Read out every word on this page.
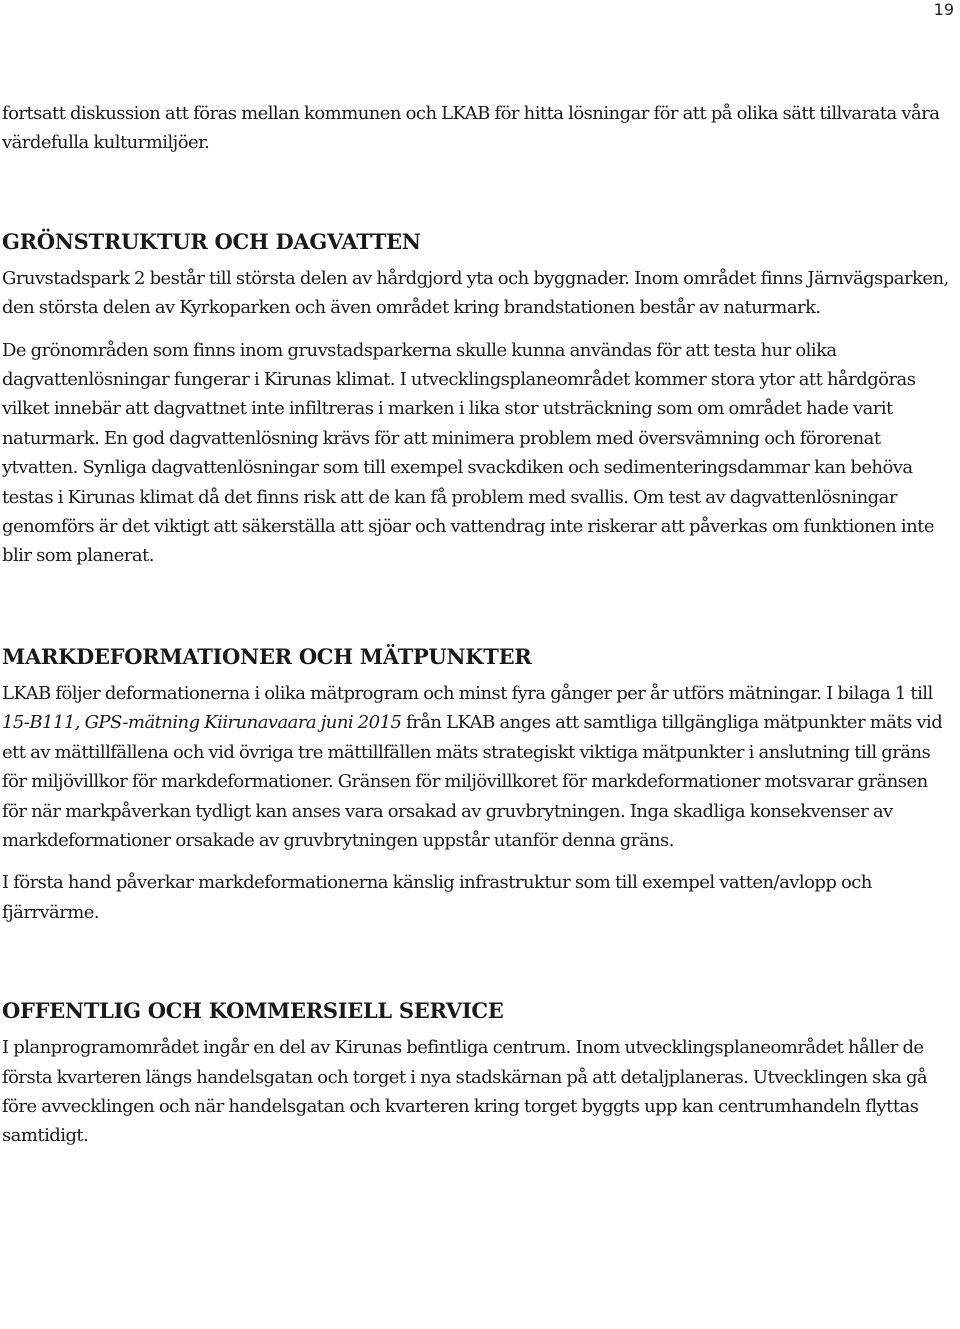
19

fortsatt diskussion att föras mellan kommunen och LKAB för hitta lösningar för att på olika sätt tillvarata våra värdefulla kulturmiljöer.

GRÖNSTRUKTUR OCH DAGVATTEN

Gruvstadspark 2 består till största delen av hårdgjord yta och byggnader. Inom området finns Järnvägsparken, den största delen av Kyrkoparken och även området kring brandstationen består av naturmark.

De grönområden som finns inom gruvstadsparkerna skulle kunna användas för att testa hur olika dagvattenlösningar fungerar i Kirunas klimat. I utvecklingsplaneområdet kommer stora ytor att hårdgöras vilket innebär att dagvattnet inte infiltreras i marken i lika stor utsträckning som om området hade varit naturmark. En god dagvattenlösning krävs för att minimera problem med översvämning och förorenat ytvatten. Synliga dagvattenlösningar som till exempel svackdiken och sedimenteringsdammar kan behöva testas i Kirunas klimat då det finns risk att de kan få problem med svallis. Om test av dagvattenlösningar genomförs är det viktigt att säkerställa att sjöar och vattendrag inte riskerar att påverkas om funktionen inte blir som planerat.

MARKDEFORMATIONER OCH MÄTPUNKTER

LKAB följer deformationerna i olika mätprogram och minst fyra gånger per år utförs mätningar. I bilaga 1 till 15-B111, GPS-mätning Kiirunavaara juni 2015 från LKAB anges att samtliga tillgängliga mätpunkter mäts vid ett av mättillfällena och vid övriga tre mättillfällen mäts strategiskt viktiga mätpunkter i anslutning till gräns för miljövillkor för markdeformationer. Gränsen för miljövillkoret för markdeformationer motsvarar gränsen för när markpåverkan tydligt kan anses vara orsakad av gruvbrytningen. Inga skadliga konsekvenser av markdeformationer orsakade av gruvbrytningen uppstår utanför denna gräns.

I första hand påverkar markdeformationerna känslig infrastruktur som till exempel vatten/avlopp och fjärrvärme.

OFFENTLIG OCH KOMMERSIELL SERVICE

I planprogramområdet ingår en del av Kirunas befintliga centrum. Inom utvecklingsplaneområdet håller de första kvarteren längs handelsgatan och torget i nya stadskärnan på att detaljplaneras. Utvecklingen ska gå före avvecklingen och när handelsgatan och kvarteren kring torget byggts upp kan centrumhandeln flyttas samtidigt.
